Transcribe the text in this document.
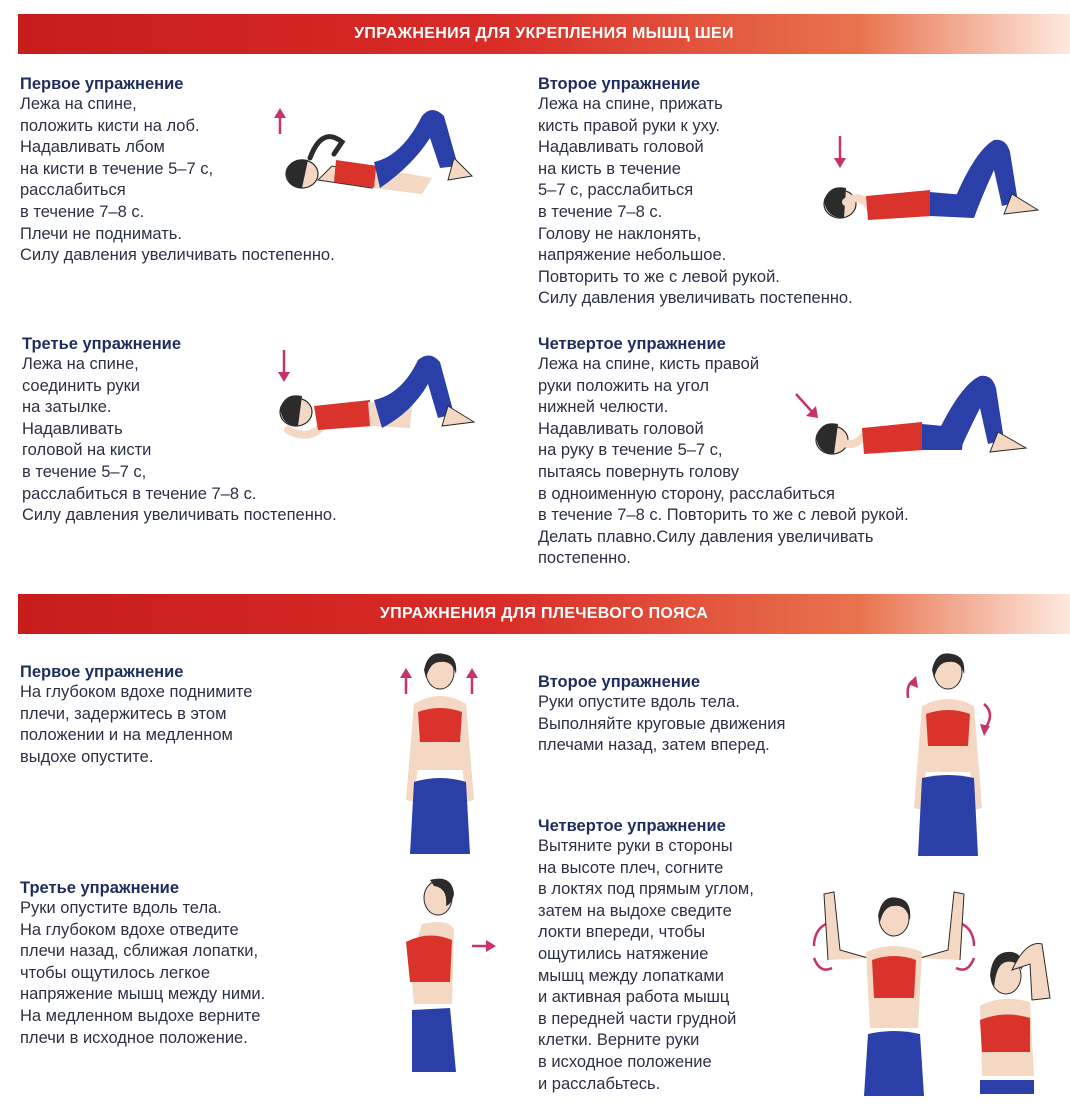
УПРАЖНЕНИЯ ДЛЯ УКРЕПЛЕНИЯ МЫШЦ ШЕИ
Первое упражнение
Лежа на спине,
положить кисти на лоб.
Надавливать лбом
на кисти в течение 5–7 с,
расслабиться
в течение 7–8 с.
Плечи не поднимать.
Силу давления увеличивать постепенно.
Второе упражнение
Лежа на спине, прижать
кисть правой руки к уху.
Надавливать головой
на кисть в течение
5–7 с, расслабиться
в течение 7–8 с.
Голову не наклонять,
напряжение небольшое.
Повторить то же с левой рукой.
Силу давления увеличивать постепенно.
Третье упражнение
Лежа на спине,
соединить руки
на затылке.
Надавливать
головой на кисти
в течение 5–7 с,
расслабиться в течение 7–8 с.
Силу давления увеличивать постепенно.
Четвертое упражнение
Лежа на спине, кисть правой
руки положить на угол
нижней челюсти.
Надавливать головой
на руку в течение 5–7 с,
пытаясь повернуть голову
в одноименную сторону, расслабиться
в течение 7–8 с. Повторить то же с левой рукой.
Делать плавно.Силу давления увеличивать
постепенно.
УПРАЖНЕНИЯ ДЛЯ ПЛЕЧЕВОГО ПОЯСА
Первое упражнение
На глубоком вдохе поднимите
плечи, задержитесь в этом
положении и на медленном
выдохе опустите.
Второе упражнение
Руки опустите вдоль тела.
Выполняйте круговые движения
плечами назад, затем вперед.
Третье упражнение
Руки опустите вдоль тела.
На глубоком вдохе отведите
плечи назад, сближая лопатки,
чтобы ощутилось легкое
напряжение мышц между ними.
На медленном выдохе верните
плечи в исходное положение.
Четвертое упражнение
Вытяните руки в стороны
на высоте плеч, согните
в локтях под прямым углом,
затем на выдохе сведите
локти впереди, чтобы
ощутились натяжение
мышц между лопатками
и активная работа мышц
в передней части грудной
клетки. Верните руки
в исходное положение
и расслабьтесь.
